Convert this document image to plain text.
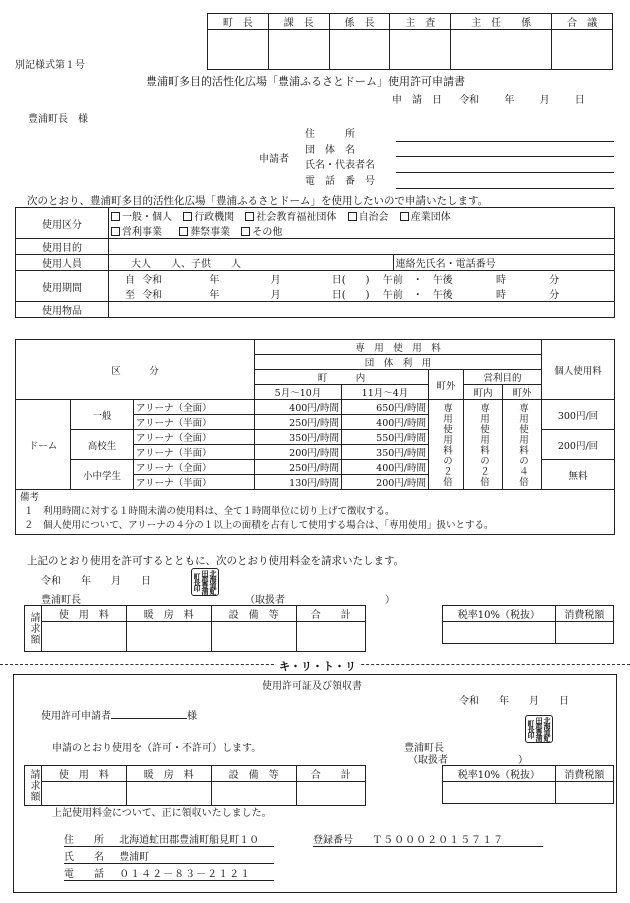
町　長	課　長	係　長	主　査	主　任　　係	合　議

別記様式第１号
豊浦町多目的活性化広場「豊浦ふるさとドーム」使用許可申請書
申　請　日 令和	年	月	日
豊浦町長　様
申請者
住　　　所
団　体　名
氏名・代表者名
電　話　番　号
次のとおり、豊浦町多目的活性化広場「豊浦ふるさとドーム」を使用したいので申請いたします。
使用区分	一般・個人 行政機関 社会教育福祉団体 自治会 産業団体	
	営利事業 葬祭事業 その他	
使用目的		
使用人員	大人　　人、子供　　人	連絡先氏名・電話番号
使用期間	自 令和 年 月 日(　　) 午前　・　午後 時 分	
	至 令和 年 月 日(　　) 午前　・　午後 時 分	
使用物品		
区　　　分			専　用　使　用　料					個人使用料
			団　体　利　用					
			町　　　内		町外	営利目的		
			5月～10月	11月～4月		町内	町外	
ドーム	一般	アリーナ（全面）	400円/時間	650円/時間	専用使用料の２倍	専用使用料の２倍	専用使用料の４倍	300円/回
		アリーナ（半面）	250円/時間	400円/時間				
	高校生	アリーナ（全面）	350円/時間	550円/時間				200円/回
		アリーナ（半面）	200円/時間	350円/時間				
	小中学生	アリーナ（全面）	250円/時間	400円/時間				無料
		アリーナ（半面）	130円/時間	200円/時間				

備考
１　利用時間に対する１時間未満の使用料は、全て１時間単位に切り上げて徴収する。
２　個人使用について、アリーナの４分の１以上の面積を占有して使用する場合は、「専用使用」扱いとする。								
上記のとおり使用を許可するとともに、次のとおり使用料金を請求いたします。
令和　　年　　月　　日
豊浦町長
北海道虻田郡豊浦町長印
（取扱者　　　　　　　　　　）
請求額	使　用　料	暖　房　料	設　備　等	合　　計
				税率10%（税抜）	消費税額

キ・リ・ト・リ
使用許可証及び領収書
令和　　年　　月　　日
使用許可申請者	様
北海道虻田郡豊浦町長印
申請のとおり使用を（許可・不許可）します。	豊浦町長
（取扱者　　　　　　　）
請求額	使　用　料	暖　房　料	設　備　等	合　　計
				税率10%（税抜）	消費税額

上記使用料金について、正に領収いたしました。
住　　所 北海道虻田郡豊浦町船見町１０	登録番号 Ｔ５０００２０１５７１７
氏　　名 豊浦町
電　　話 ０１４２－８３－２１２１
